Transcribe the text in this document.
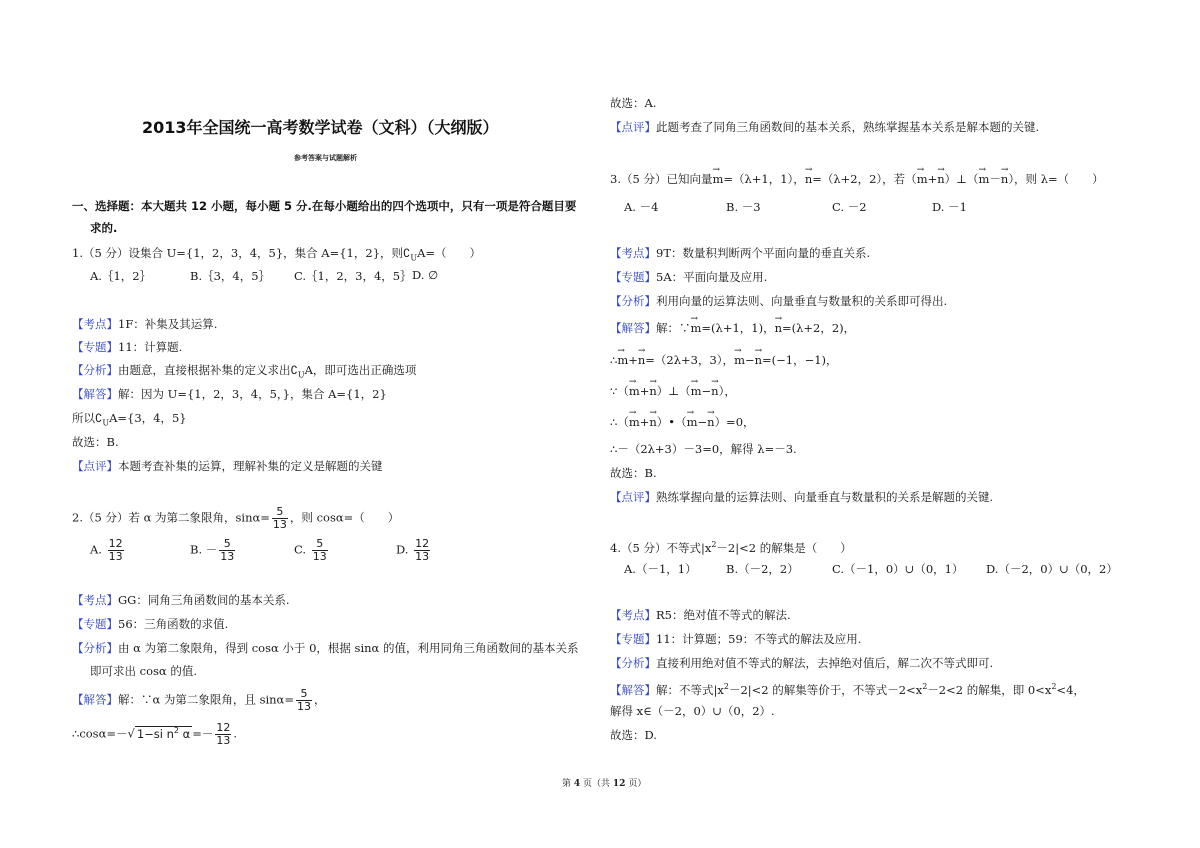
2013年全国统一高考数学试卷（文科）（大纲版）
参考答案与试题解析
一、选择题：本大题共 12 小题，每小题 5 分.在每小题给出的四个选项中，只有一项是符合题目要
求的.
1.（5 分）设集合 U={1，2，3，4，5}，集合 A={1，2}，则$∁_UA=$（　　）
A.｛1，2｝	B.｛3，4，5｝ C.｛1，2，3，4，5｝ D. ∅
【考点】1F：补集及其运算.
【专题】11：计算题.
【分析】由题意，直接根据补集的定义求出$∁_UA$，即可选出正确选项
【解答】解：因为 U={1，2，3，4，5，}，集合 A={1，2}
所以$∁_UA=\{3$，4，5}
故选：B.
【点评】本题考查补集的运算，理解补集的定义是解题的关键
2.（5 分）若 α 为第二象限角，$\sin\alpha= \frac{5}{13}$ ，则 cosα=（　　）
A. $\frac{12}{13}$	B. － $\frac{5}{13}$	C. $\frac{5}{13}$	D. $\frac{12}{13}$
【考点】GG：同角三角函数间的基本关系.
【专题】56：三角函数的求值.
【分析】由 α 为第二象限角，得到 cosα 小于 0，根据 sinα 的值，利用同角三角函数间的基本关系
即可求出 cosα 的值.
【解答】解：∵α 为第二象限角，且 $\sin\alpha= \frac{5}{13}$ ，
∴cosα=－√ 1−si $n^2$ $\alpha =- \frac{12}{13}$ .
故选：A.
【点评】此题考查了同角三角函数间的基本关系，熟练掌握基本关系是解本题的关键.
3.（5 分）已知向量→ m=（λ+1，1），→ n=（λ+2，2），若（→ m+→ n）⊥（→ m－→ n），则 λ=（　　）
A. －4	B. －3	C. －2	D. －1
【考点】9T：数量积判断两个平面向量的垂直关系.
【专题】5A：平面向量及应用.
【分析】利用向量的运算法则、向量垂直与数量积的关系即可得出.
【解答】解：∵→ m=(λ+1，1)，→ n=(λ+2，2)，
∴→ m+→ n=（2λ+3，3），→ m−→ n=(−1，−1)，
∵（→ m+→ n）⊥（→ m−→ n），
∴（→ m+→ n）•（→ m−→ n）=0，
∴－（2λ+3）－3=0，解得 λ=－3.
故选：B.
【点评】熟练掌握向量的运算法则、向量垂直与数量积的关系是解题的关键.
4.（5 分）不等式$|x^2-2|<2$ 的解集是（　　）
A.（－1，1）	B.（－2，2）	C.（－1，0）∪（0，1） D.（－2，0）∪（0，2）
【考点】R5：绝对值不等式的解法.
【专题】11：计算题；59：不等式的解法及应用.
【分析】直接利用绝对值不等式的解法，去掉绝对值后，解二次不等式即可.
【解答】解：不等式$|x^2-2|<2$ 的解集等价于，不等式$-2<x^2-2<2$ 的解集，即 $0<x^2<4$，
解得 x∈（－2，0）∪（0，2）.
故选：D.
第 4 页（共 12 页）
